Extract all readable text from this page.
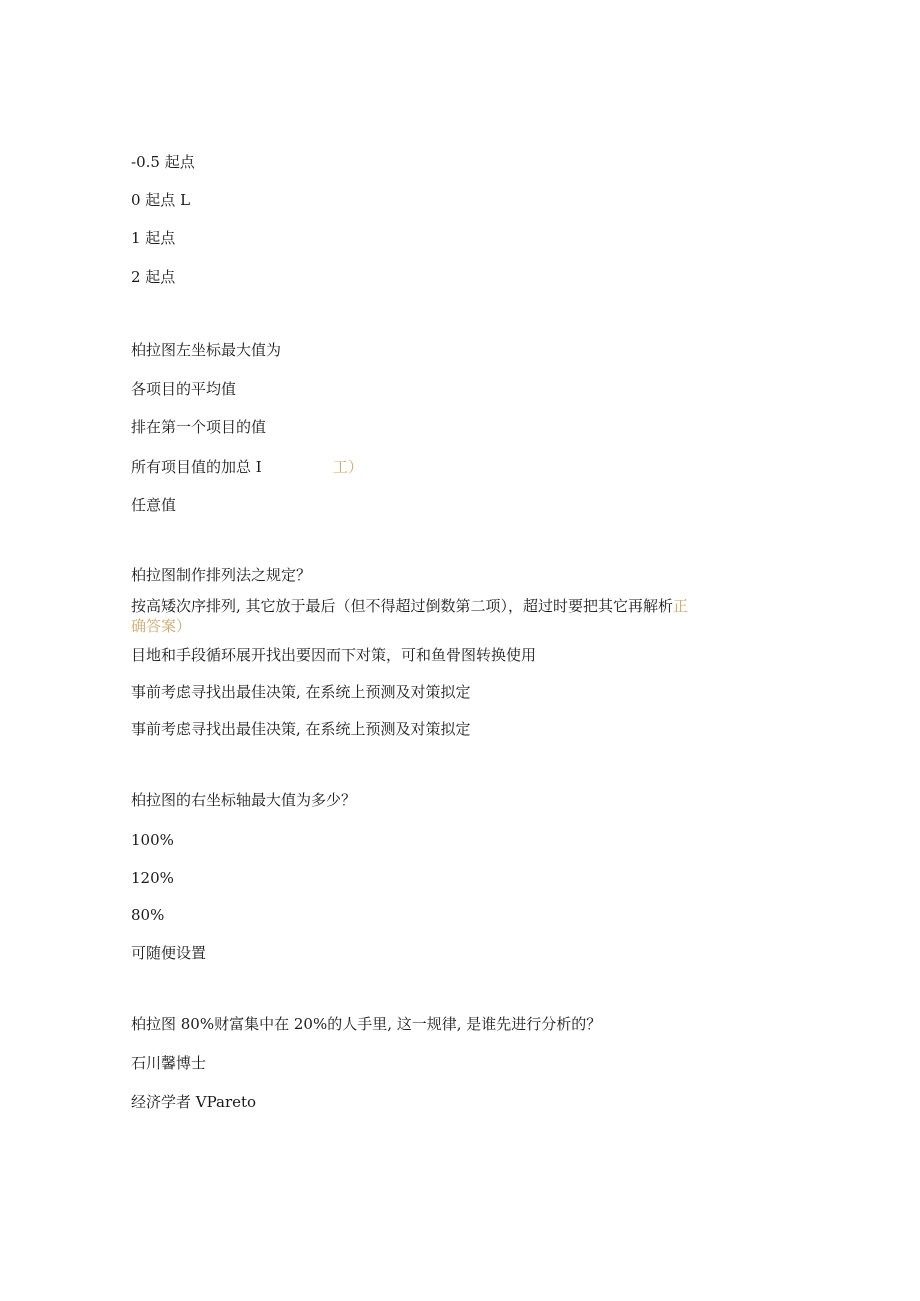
-0.5 起点
0 起点 L
1 起点
2 起点
柏拉图左坐标最大值为
各项目的平均值
排在第一个项目的值
所有项目值的加总 I	工）
任意值
柏拉图制作排列法之规定？
按高矮次序排列, 其它放于最后（但不得超过倒数第二项），超过时要把其它再解析正
确答案）
目地和手段循环展开找出要因而下对策，可和鱼骨图转换使用
事前考虑寻找出最佳决策, 在系统上预测及对策拟定
事前考虑寻找出最佳决策, 在系统上预测及对策拟定
柏拉图的右坐标轴最大值为多少？
100%
120%
80%
可随便设置
柏拉图 80%财富集中在 20%的人手里, 这一规律, 是谁先进行分析的？
石川馨博士
经济学者 VPareto
